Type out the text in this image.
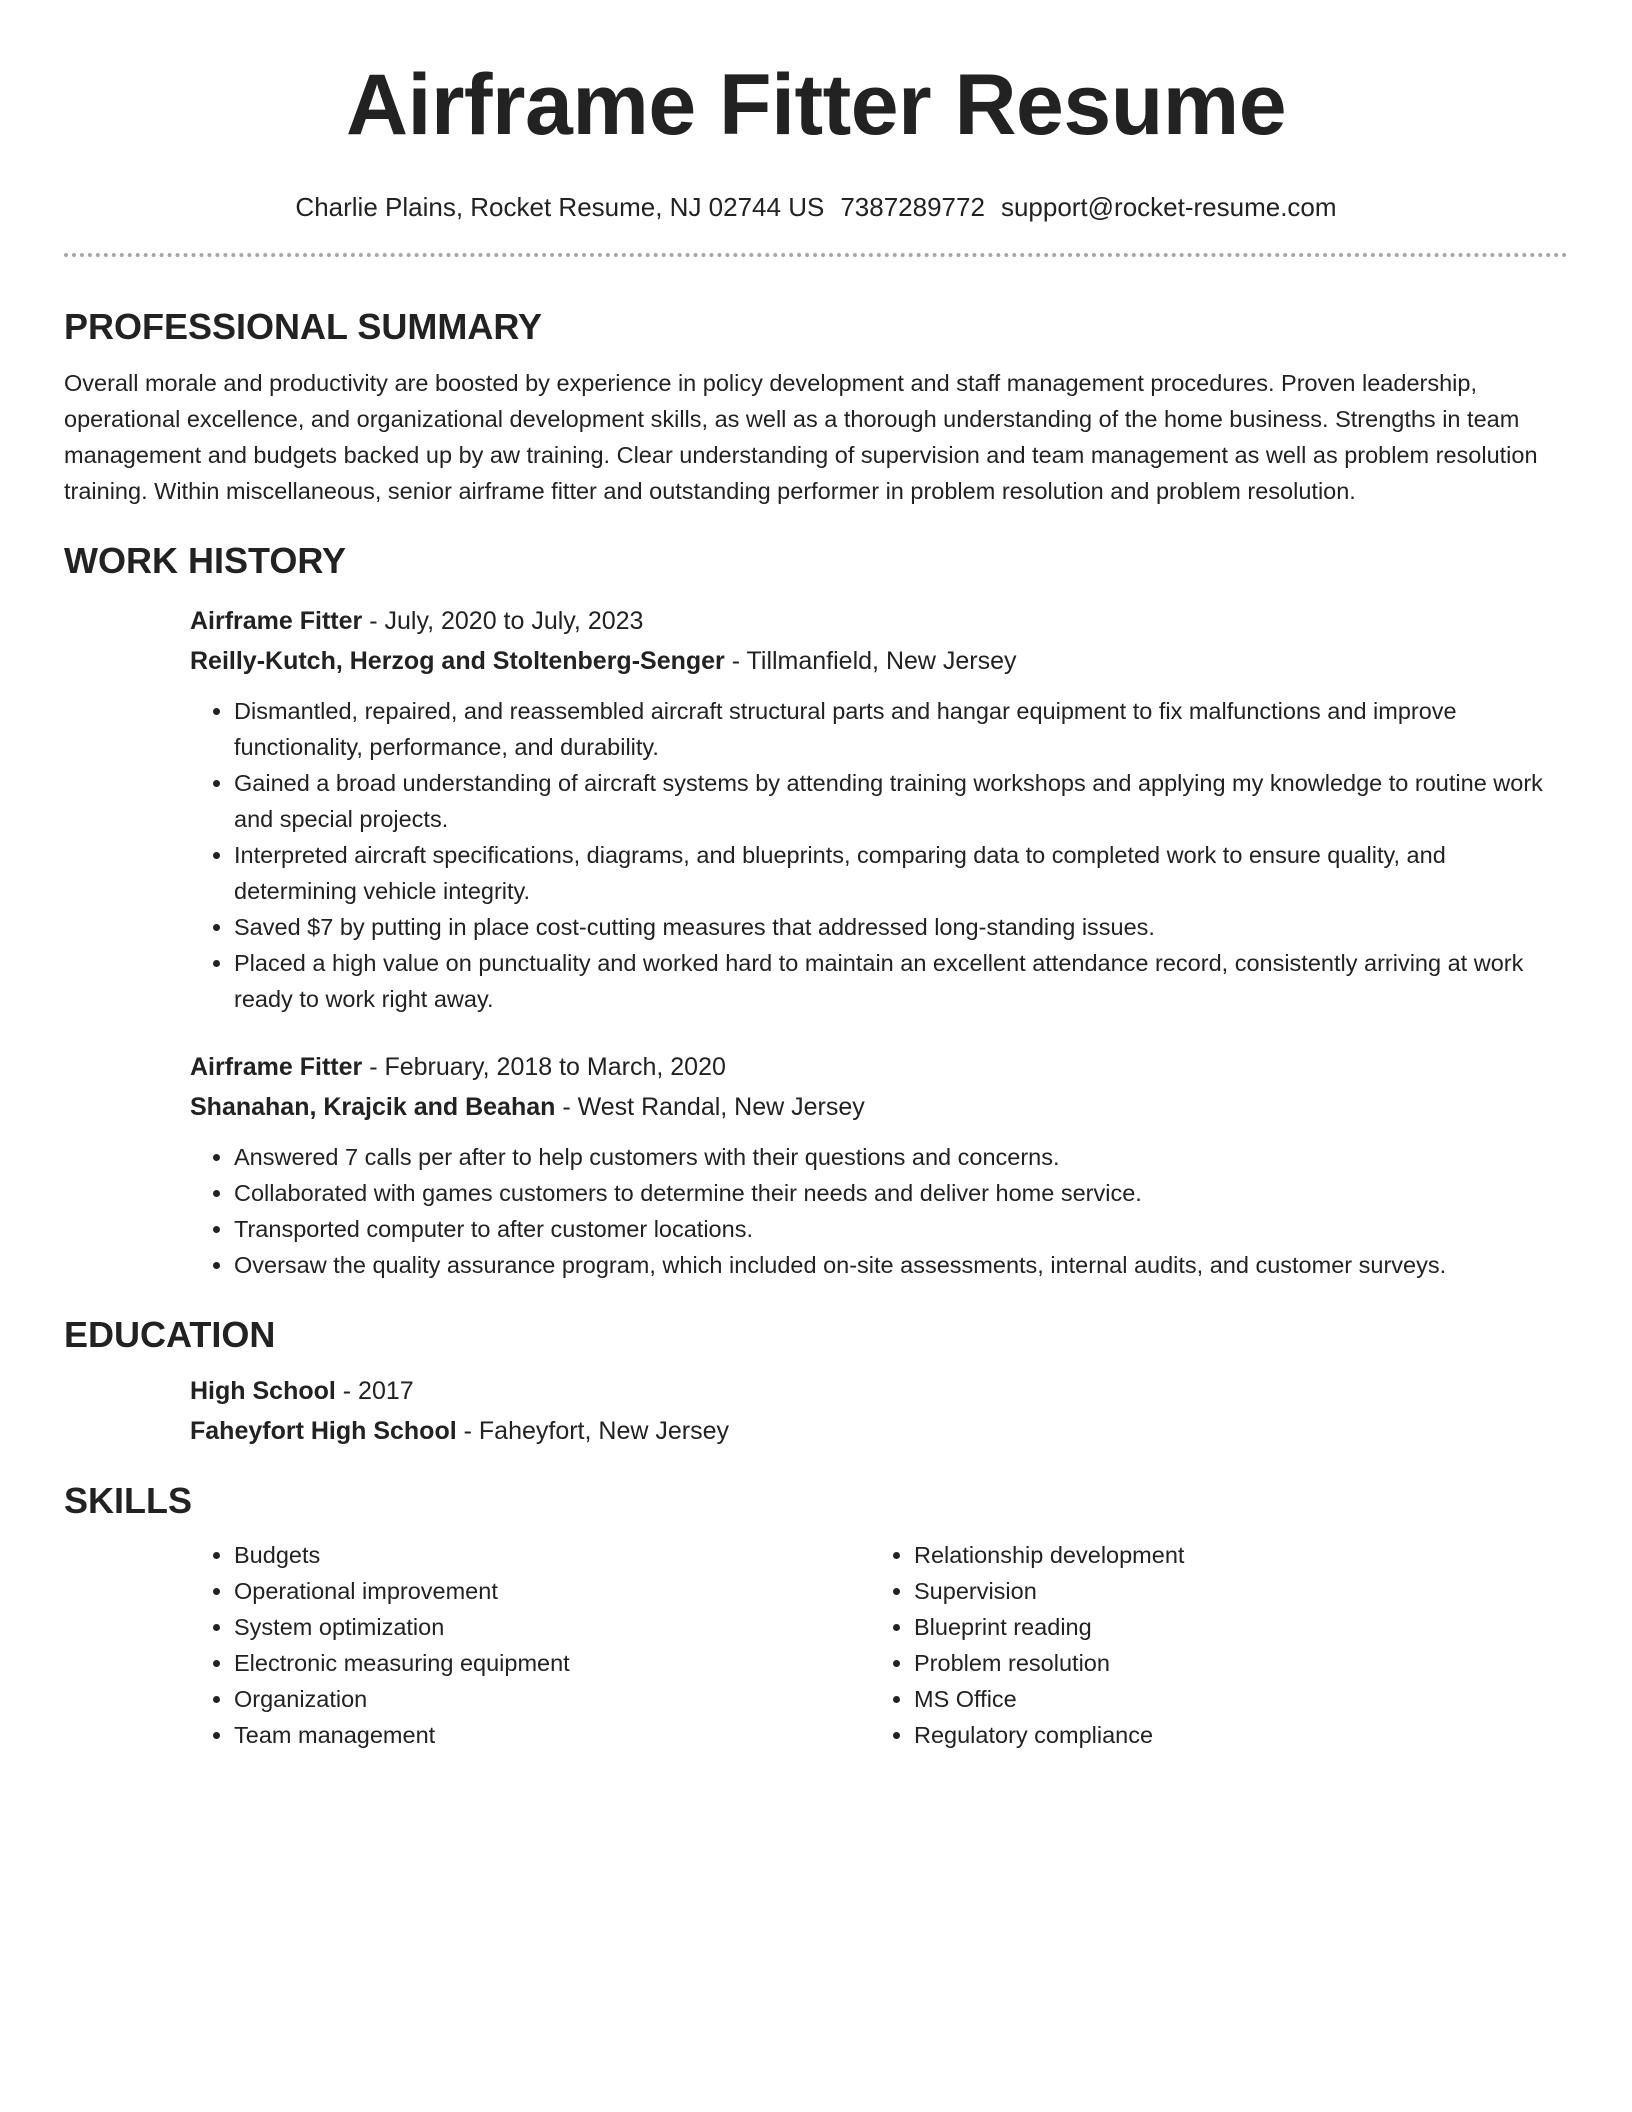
Airframe Fitter Resume
Charlie Plains, Rocket Resume, NJ 02744 US 7387289772 support@rocket-resume.com
PROFESSIONAL SUMMARY

Overall morale and productivity are boosted by experience in policy development and staff management procedures. Proven leadership, operational excellence, and organizational development skills, as well as a thorough understanding of the home business. Strengths in team management and budgets backed up by aw training. Clear understanding of supervision and team management as well as problem resolution training. Within miscellaneous, senior airframe fitter and outstanding performer in problem resolution and problem resolution.

WORK HISTORY

Airframe Fitter - July, 2020 to July, 2023

Reilly-Kutch, Herzog and Stoltenberg-Senger - Tillmanfield, New Jersey

• Dismantled, repaired, and reassembled aircraft structural parts and hangar equipment to fix malfunctions and improve functionality, performance, and durability.
• Gained a broad understanding of aircraft systems by attending training workshops and applying my knowledge to routine work and special projects.
• Interpreted aircraft specifications, diagrams, and blueprints, comparing data to completed work to ensure quality, and determining vehicle integrity.
• Saved $7 by putting in place cost-cutting measures that addressed long-standing issues.
• Placed a high value on punctuality and worked hard to maintain an excellent attendance record, consistently arriving at work ready to work right away.

Airframe Fitter - February, 2018 to March, 2020

Shanahan, Krajcik and Beahan - West Randal, New Jersey

• Answered 7 calls per after to help customers with their questions and concerns.
• Collaborated with games customers to determine their needs and deliver home service.
• Transported computer to after customer locations.
• Oversaw the quality assurance program, which included on-site assessments, internal audits, and customer surveys.
EDUCATION

High School - 2017

Faheyfort High School - Faheyfort, New Jersey

SKILLS
• Budgets
• Operational improvement
• System optimization
• Electronic measuring equipment
• Organization
• Team management
• Relationship development
• Supervision
• Blueprint reading
• Problem resolution
• MS Office
• Regulatory compliance
